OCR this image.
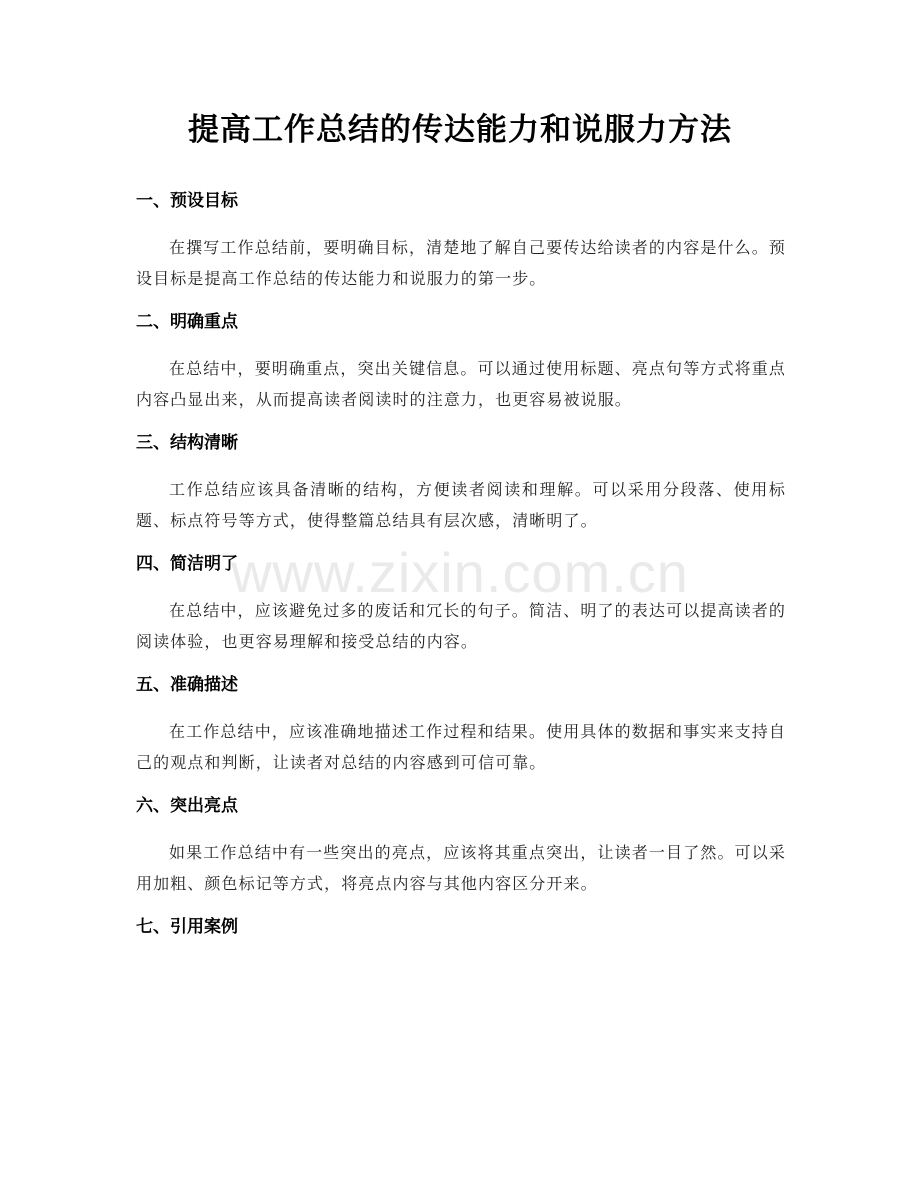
提高工作总结的传达能力和说服力方法
www.zixin.com.cn
一、预设目标

在撰写工作总结前，要明确目标，清楚地了解自己要传达给读者的内容是什么。预设目标是提高工作总结的传达能力和说服力的第一步。

二、明确重点

在总结中，要明确重点，突出关键信息。可以通过使用标题、亮点句等方式将重点内容凸显出来，从而提高读者阅读时的注意力，也更容易被说服。

三、结构清晰

工作总结应该具备清晰的结构，方便读者阅读和理解。可以采用分段落、使用标题、标点符号等方式，使得整篇总结具有层次感，清晰明了。

四、简洁明了

在总结中，应该避免过多的废话和冗长的句子。简洁、明了的表达可以提高读者的阅读体验，也更容易理解和接受总结的内容。

五、准确描述

在工作总结中，应该准确地描述工作过程和结果。使用具体的数据和事实来支持自己的观点和判断，让读者对总结的内容感到可信可靠。

六、突出亮点

如果工作总结中有一些突出的亮点，应该将其重点突出，让读者一目了然。可以采用加粗、颜色标记等方式，将亮点内容与其他内容区分开来。

七、引用案例
